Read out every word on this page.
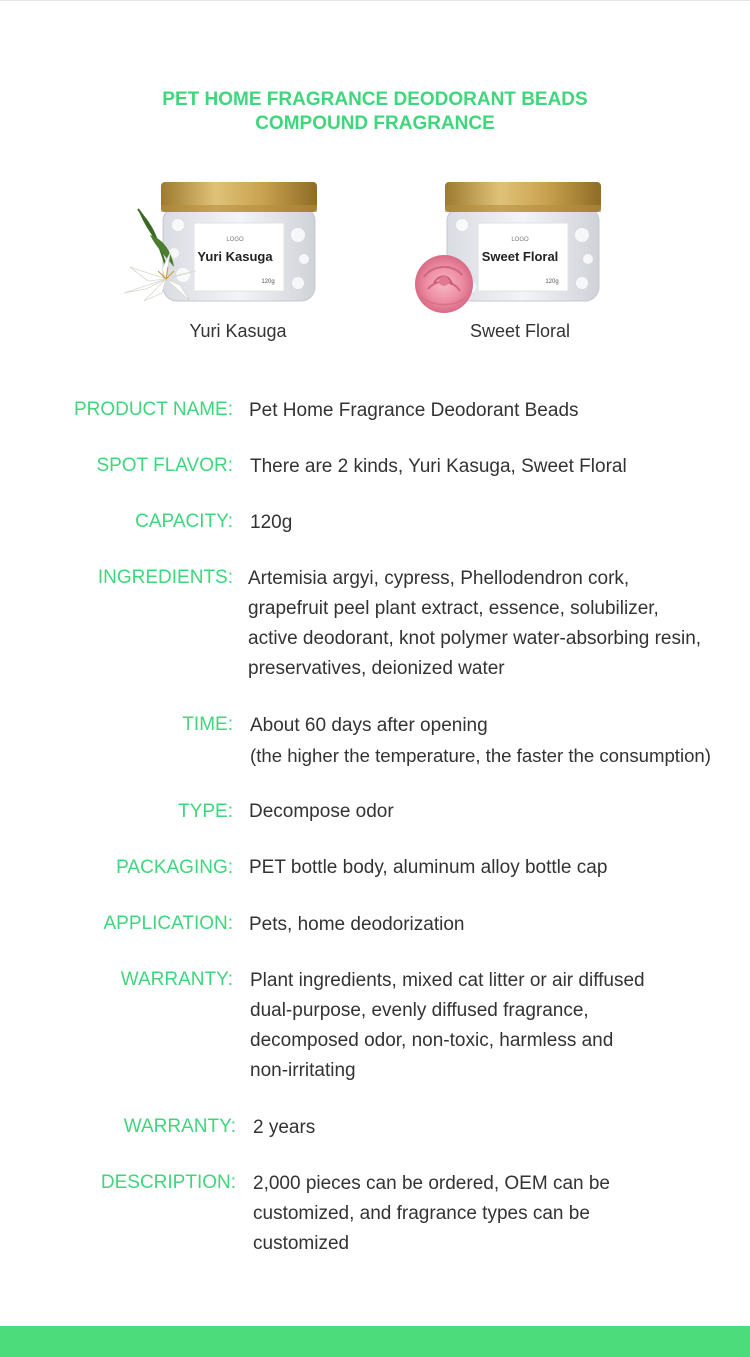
PET HOME FRAGRANCE DEODORANT BEADS
COMPOUND FRAGRANCE
LOGO
Yuri Kasuga
120g
Yuri Kasuga
LOGO
Sweet Floral
120g
Sweet Floral
PRODUCT NAME: Pet Home Fragrance Deodorant Beads
SPOT FLAVOR: There are 2 kinds, Yuri Kasuga, Sweet Floral
CAPACITY: 120g
INGREDIENTS: Artemisia argyi, cypress, Phellodendron cork,
grapefruit peel plant extract, essence, solubilizer,
active deodorant, knot polymer water-absorbing resin,
preservatives, deionized water
TIME: About 60 days after opening
(the higher the temperature, the faster the consumption)
TYPE: Decompose odor
PACKAGING: PET bottle body, aluminum alloy bottle cap
APPLICATION: Pets, home deodorization
WARRANTY: Plant ingredients, mixed cat litter or air diffused
dual-purpose, evenly diffused fragrance,
decomposed odor, non-toxic, harmless and
non-irritating
WARRANTY: 2 years
DESCRIPTION: 2,000 pieces can be ordered, OEM can be
customized, and fragrance types can be
customized
